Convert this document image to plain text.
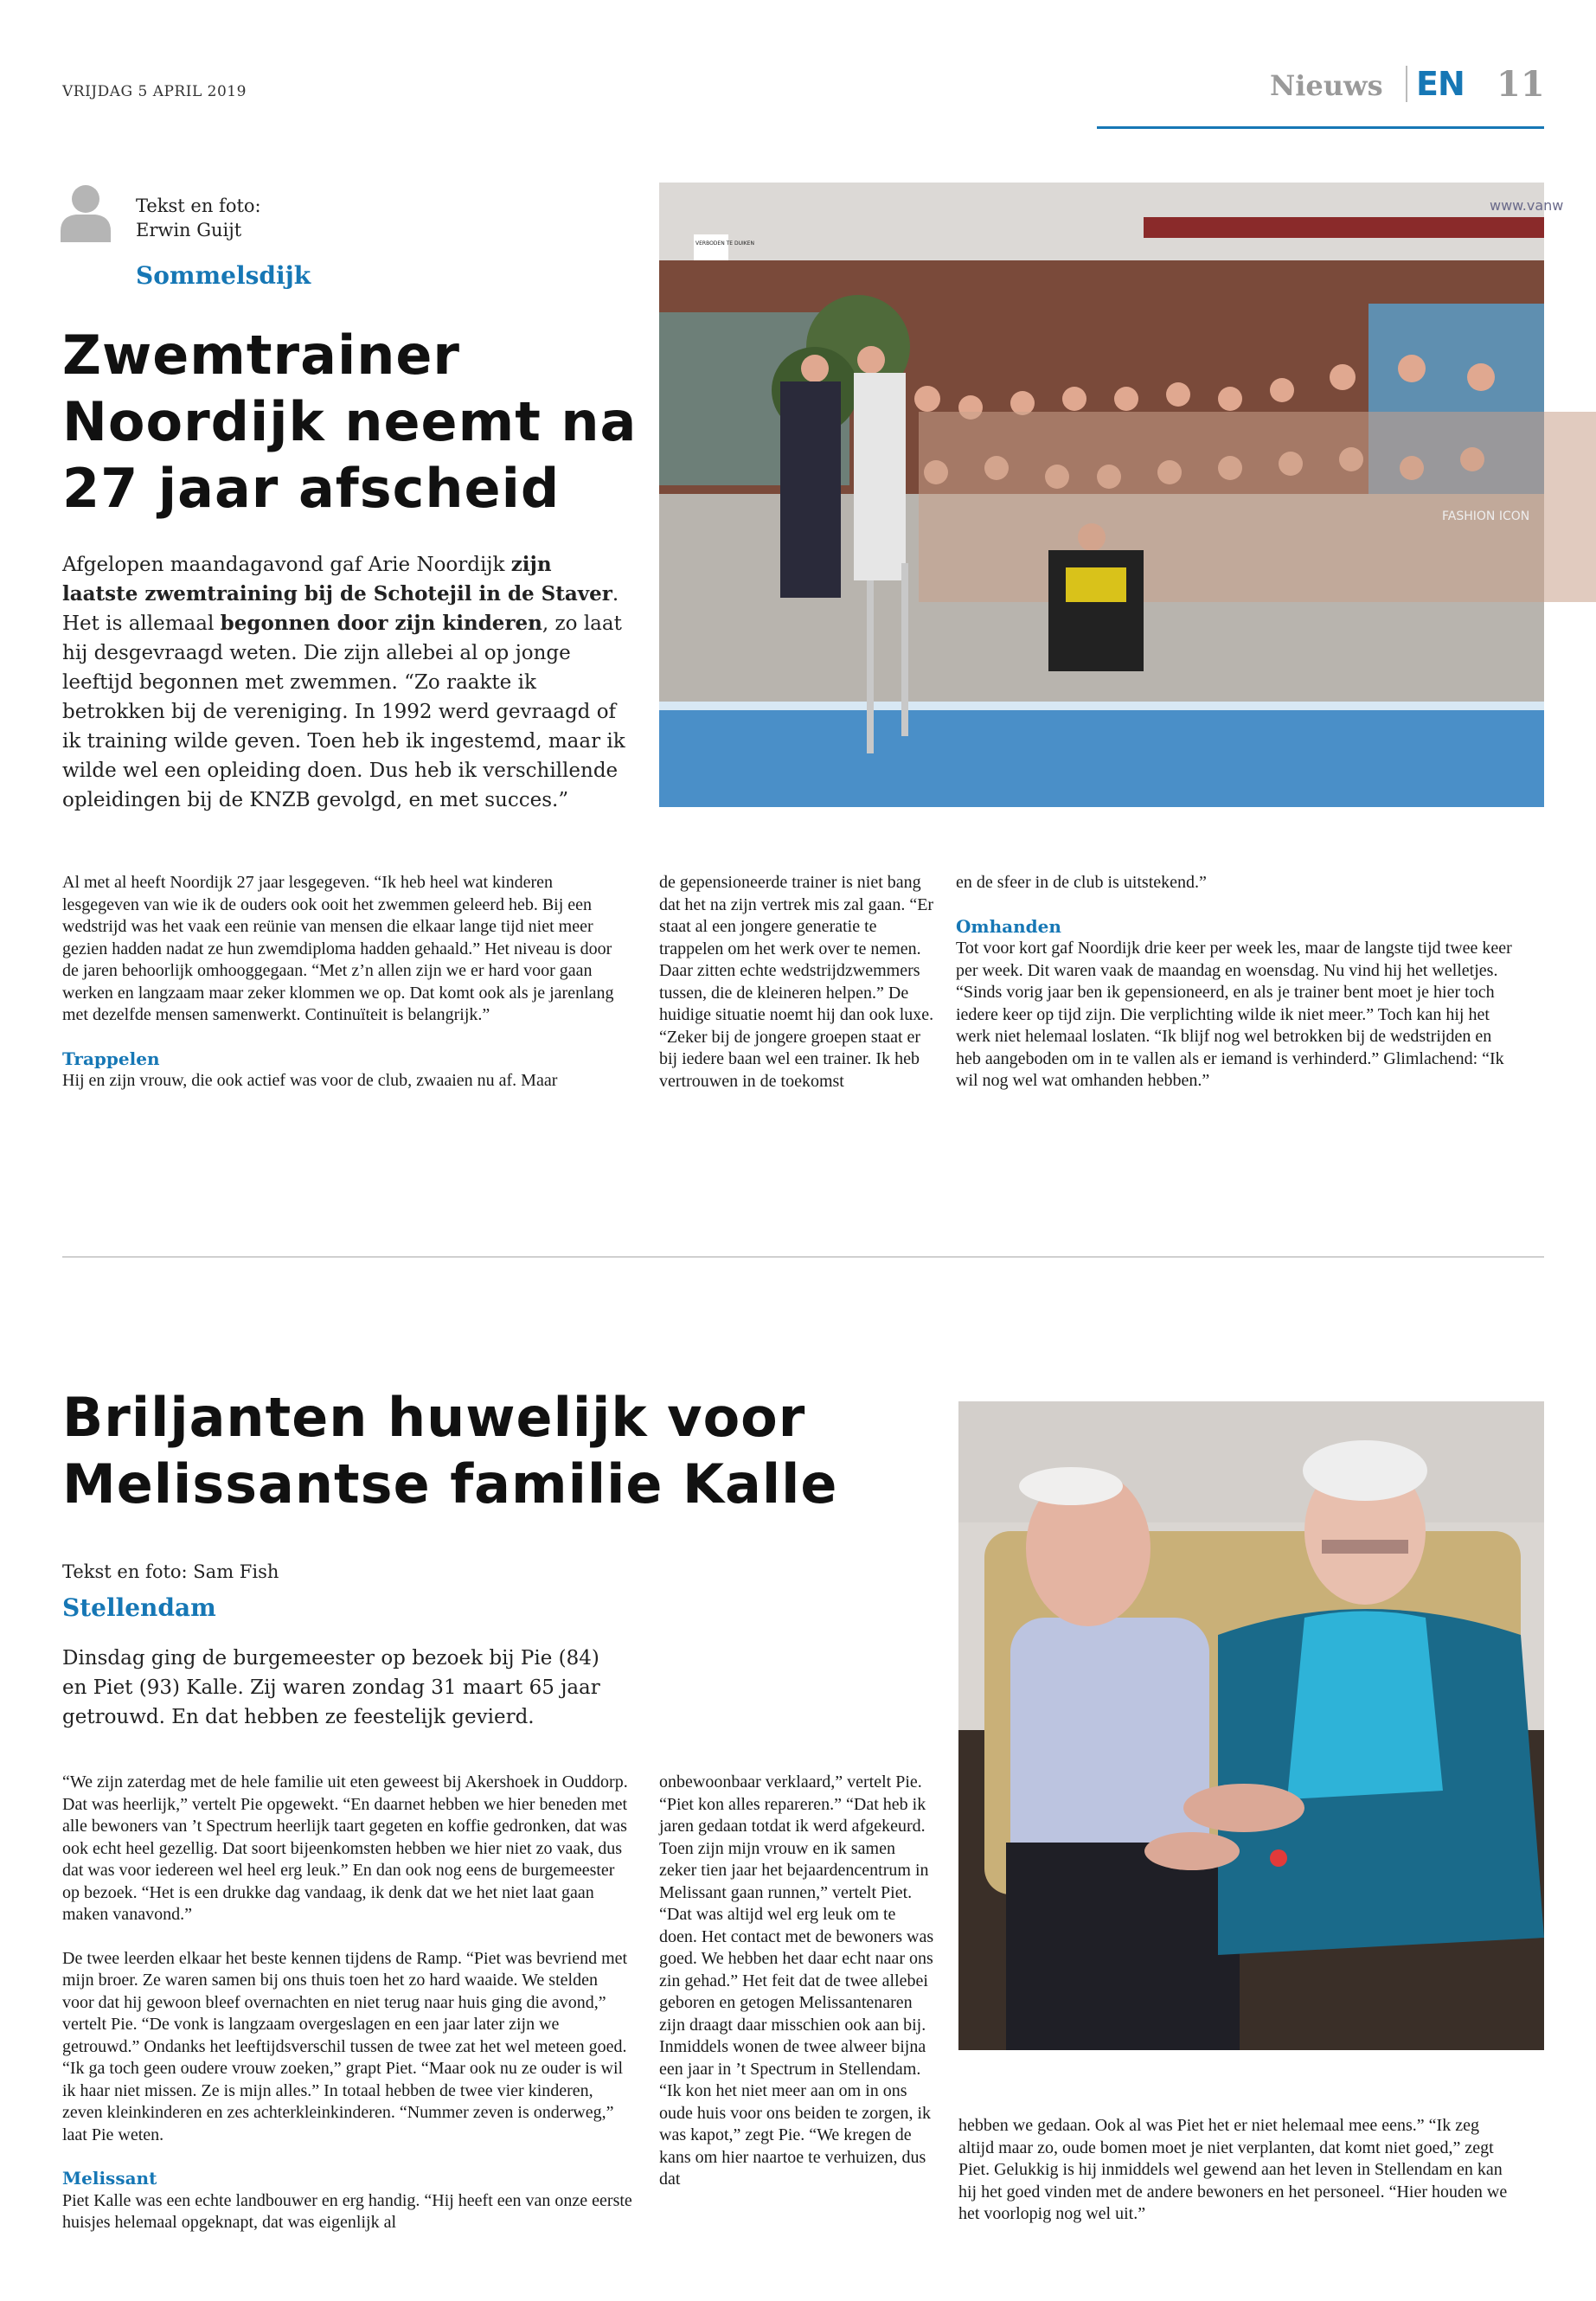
VRIJDAG 5 APRIL 2019	Nieuws	EN 11
Tekst en foto:
Erwin Guijt
Sommelsdijk
Zwemtrainer
Noordijk neemt na
27 jaar afscheid
Afgelopen maandagavond gaf Arie Noordijk zijn laatste zwemtraining bij de Schotejil in de Staver. Het is allemaal begonnen door zijn kinderen, zo laat hij desgevraagd weten. Die zijn allebei al op jonge leeftijd begonnen met zwemmen. “Zo raakte ik betrokken bij de vereniging. In 1992 werd gevraagd of ik training wilde geven. Toen heb ik ingestemd, maar ik wilde wel een opleiding doen. Dus heb ik verschillende opleidingen bij de KNZB gevolgd, en met succes.”
www.vanw
VERBODEN TE DUIKEN
FASHION ICON

Al met al heeft Noordijk 27 jaar lesgegeven. “Ik heb heel wat kinderen lesgegeven van wie ik de ouders ook ooit het zwemmen geleerd heb. Bij een wedstrijd was het vaak een reünie van mensen die elkaar lange tijd niet meer gezien hadden nadat ze hun zwemdiploma hadden gehaald.” Het niveau is door de jaren behoorlijk omhooggegaan. “Met z’n allen zijn we er hard voor gaan werken en langzaam maar zeker klommen we op. Dat komt ook als je jarenlang met dezelfde mensen samenwerkt. Continuïteit is belangrijk.”

Trappelen
Hij en zijn vrouw, die ook actief was voor de club, zwaaien nu af. Maar

de gepensioneerde trainer is niet bang dat het na zijn vertrek mis zal gaan. “Er staat al een jongere generatie te trappelen om het werk over te nemen. Daar zitten echte wedstrijdzwemmers tussen, die de kleineren helpen.” De huidige situatie noemt hij dan ook luxe. “Zeker bij de jongere groepen staat er bij iedere baan wel een trainer. Ik heb vertrouwen in de toekomst

en de sfeer in de club is uitstekend.”

Omhanden
Tot voor kort gaf Noordijk drie keer per week les, maar de langste tijd twee keer per week. Dit waren vaak de maandag en woensdag. Nu vind hij het welletjes. “Sinds vorig jaar ben ik gepensioneerd, en als je trainer bent moet je hier toch iedere keer op tijd zijn. Die verplichting wilde ik niet meer.” Toch kan hij het werk niet helemaal loslaten. “Ik blijf nog wel betrokken bij de wedstrijden en heb aangeboden om in te vallen als er iemand is verhinderd.” Glimlachend: “Ik wil nog wel wat omhanden hebben.”

Briljanten huwelijk voor
Melissantse familie Kalle
Tekst en foto: Sam Fish
Stellendam
Dinsdag ging de burgemeester op bezoek bij Pie (84) en Piet (93) Kalle. Zij waren zondag 31 maart 65 jaar getrouwd. En dat hebben ze feestelijk gevierd.

“We zijn zaterdag met de hele familie uit eten geweest bij Akershoek in Ouddorp. Dat was heerlijk,” vertelt Pie opgewekt. “En daarnet hebben we hier beneden met alle bewoners van ’t Spectrum heerlijk taart gegeten en koffie gedronken, dat was ook echt heel gezellig. Dat soort bijeenkomsten hebben we hier niet zo vaak, dus dat was voor iedereen wel heel erg leuk.” En dan ook nog eens de burgemeester op bezoek. “Het is een drukke dag vandaag, ik denk dat we het niet laat gaan maken vanavond.”

De twee leerden elkaar het beste kennen tijdens de Ramp. “Piet was bevriend met mijn broer. Ze waren samen bij ons thuis toen het zo hard waaide. We stelden voor dat hij gewoon bleef overnachten en niet terug naar huis ging die avond,” vertelt Pie. “De vonk is langzaam overgeslagen en een jaar later zijn we getrouwd.” Ondanks het leeftijdsverschil tussen de twee zat het wel meteen goed. “Ik ga toch geen oudere vrouw zoeken,” grapt Piet. “Maar ook nu ze ouder is wil ik haar niet missen. Ze is mijn alles.” In totaal hebben de twee vier kinderen, zeven kleinkinderen en zes achterkleinkinderen. “Nummer zeven is onderweg,” laat Pie weten.

Melissant
Piet Kalle was een echte landbouwer en erg handig. “Hij heeft een van onze eerste huisjes helemaal opgeknapt, dat was eigenlijk al

onbewoonbaar verklaard,” vertelt Pie. “Piet kon alles repareren.” “Dat heb ik jaren gedaan totdat ik werd afgekeurd. Toen zijn mijn vrouw en ik samen zeker tien jaar het bejaardencentrum in Melissant gaan runnen,” vertelt Piet. “Dat was altijd wel erg leuk om te doen. Het contact met de bewoners was goed. We hebben het daar echt naar ons zin gehad.” Het feit dat de twee allebei geboren en getogen Melissantenaren zijn draagt daar misschien ook aan bij. Inmiddels wonen de twee alweer bijna een jaar in ’t Spectrum in Stellendam. “Ik kon het niet meer aan om in ons oude huis voor ons beiden te zorgen, ik was kapot,” zegt Pie. “We kregen de kans om hier naartoe te verhuizen, dus dat

hebben we gedaan. Ook al was Piet het er niet helemaal mee eens.” “Ik zeg altijd maar zo, oude bomen moet je niet verplanten, dat komt niet goed,” zegt Piet. Gelukkig is hij inmiddels wel gewend aan het leven in Stellendam en kan hij het goed vinden met de andere bewoners en het personeel. “Hier houden we het voorlopig nog wel uit.”
